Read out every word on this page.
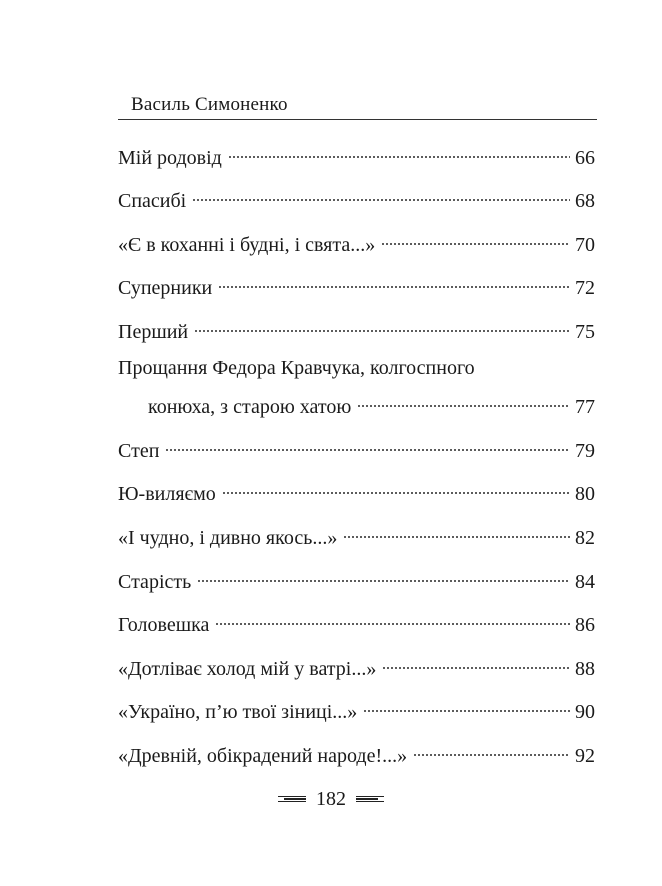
Василь Симоненко
Мій родовід	66
Спасибі	68
«Є в коханні і будні, і свята...»	70
Суперники	72
Перший	75
Прощання Федора Кравчука, колгоспного
конюха, з старою хатою	77
Степ	79
Ю-виляємо	80
«І чудно, і дивно якось...»	82
Старість	84
Головешка	86
«Дотліває холод мій у ватрі...»	88
«Україно, п’ю твої зіниці...»	90
«Древній, обікрадений народе!...»	92
182
